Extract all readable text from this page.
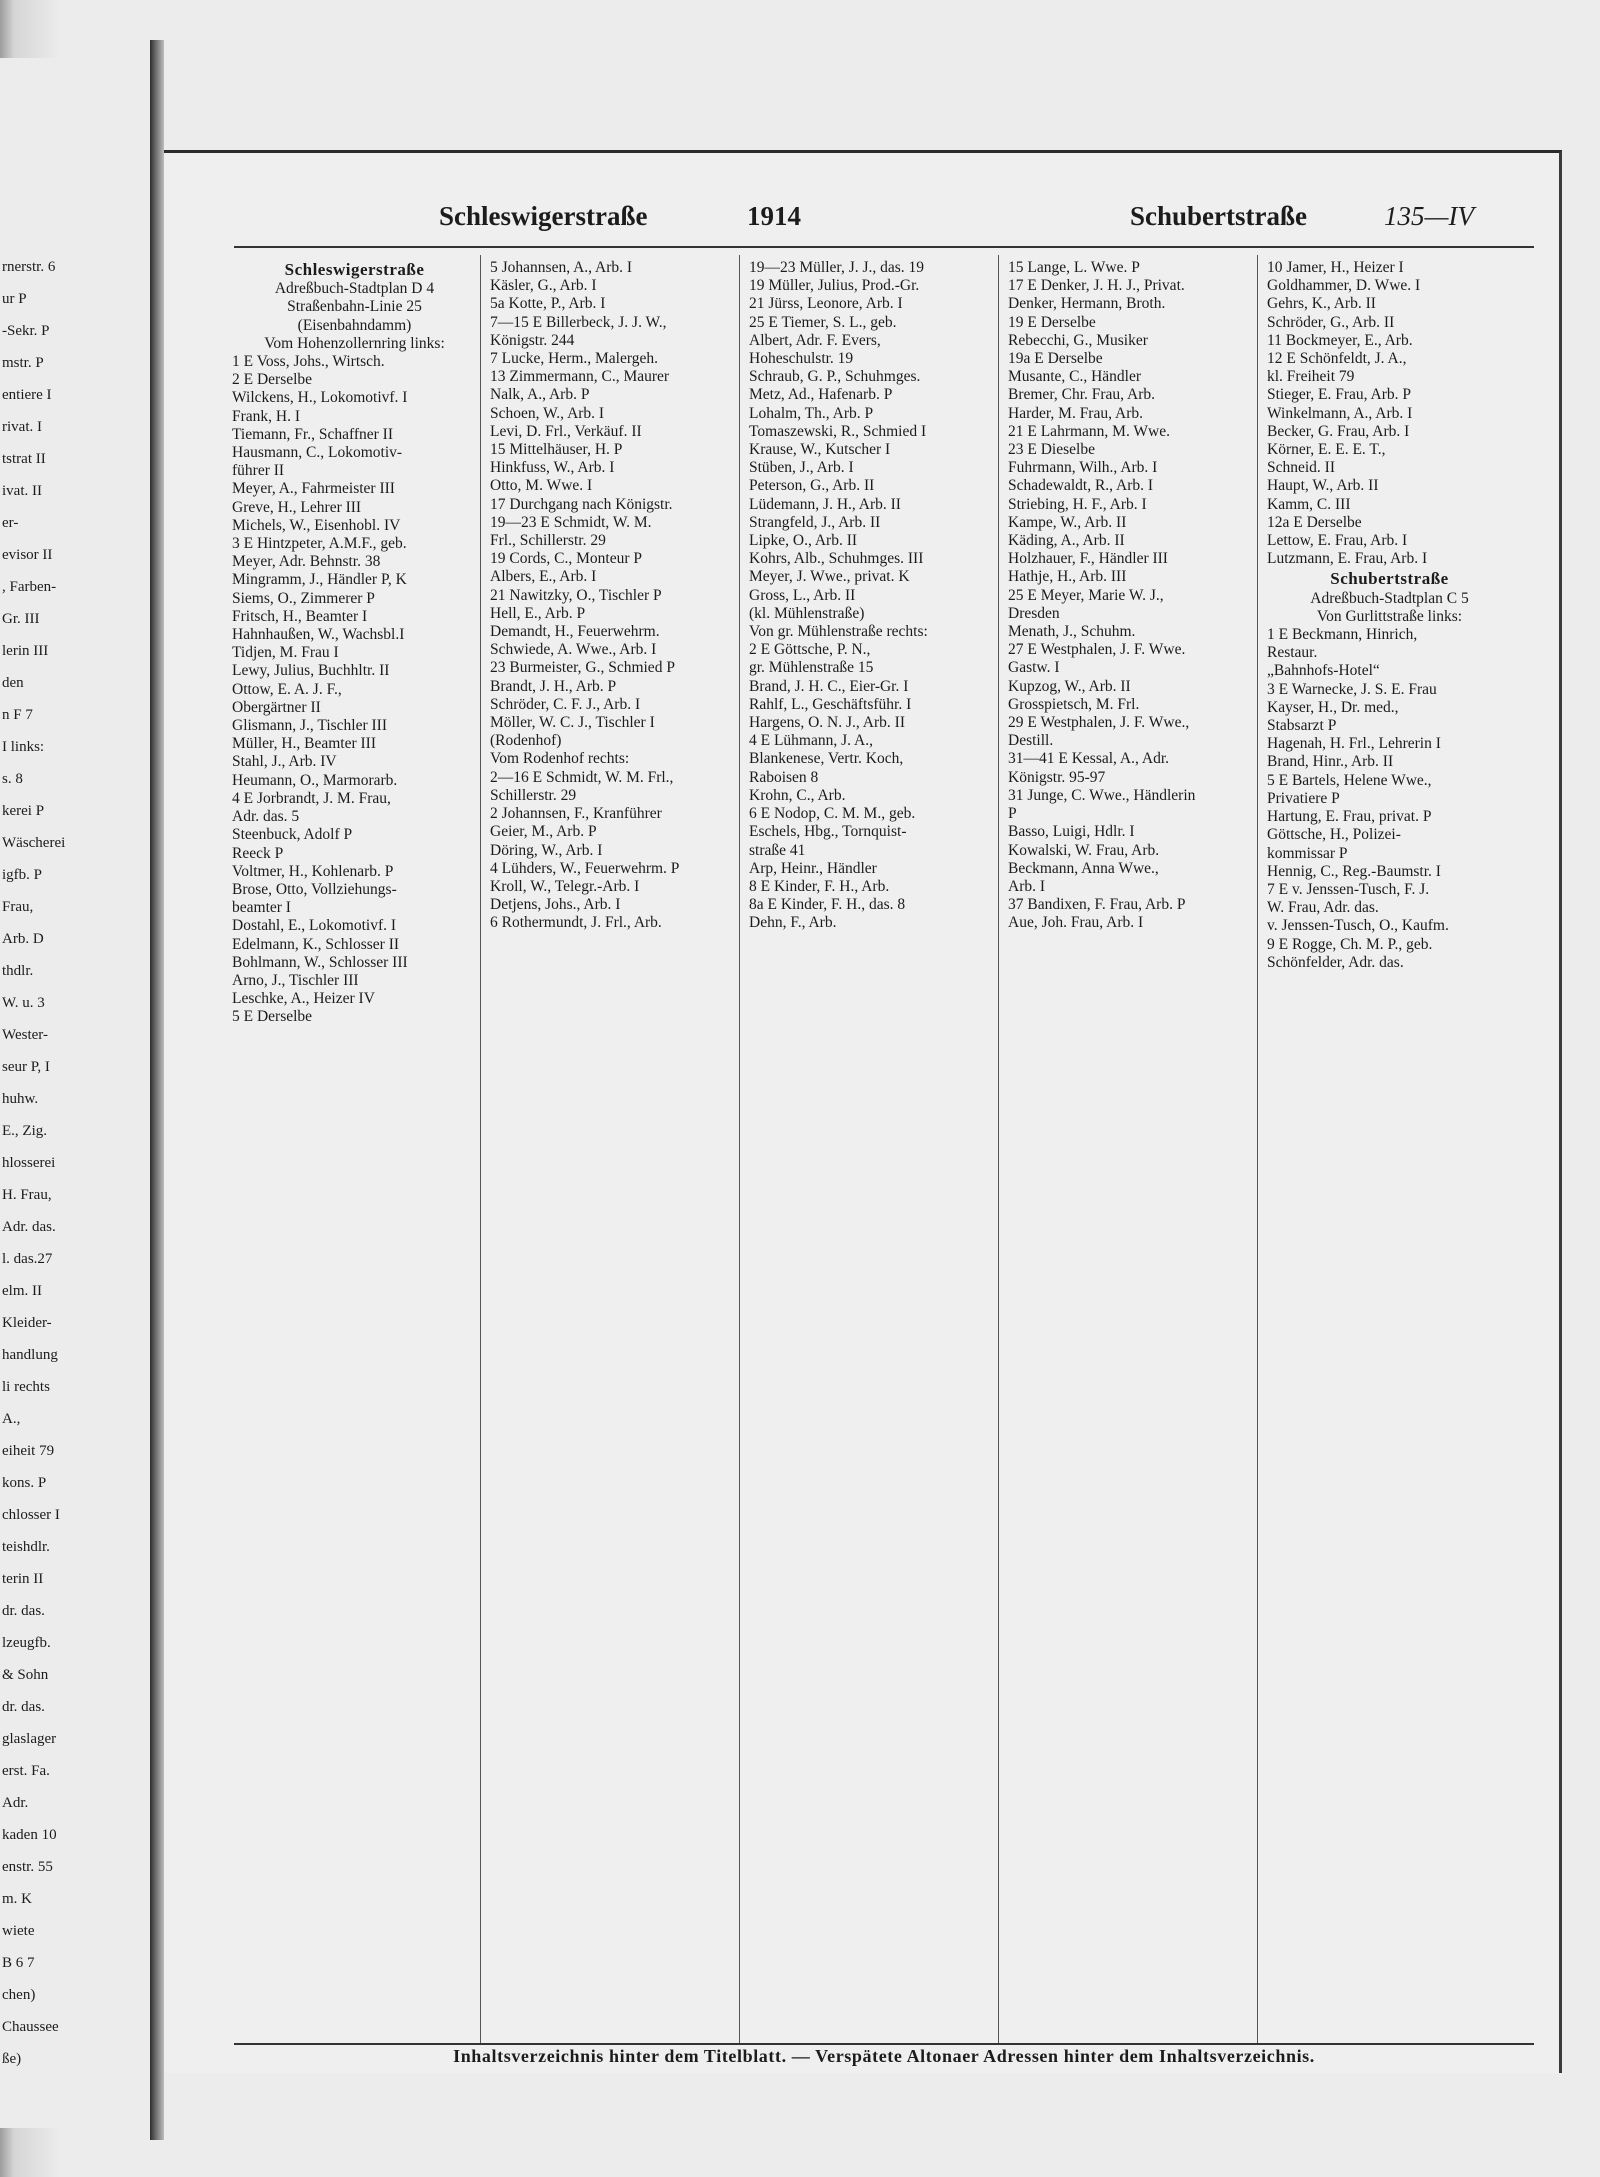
rnerstr. 6
ur P
-Sekr. P
mstr. P
entiere I
rivat. I
tstrat II
ivat. II
er-
evisor II
, Farben-
Gr. III
lerin III
den
n F 7
I links:
s. 8
kerei P
Wäscherei
igfb. P
Frau,
Arb. D
thdlr.
W. u. 3
Wester-
seur P, I
huhw.
E., Zig.
hlosserei
H. Frau,
Adr. das.
l. das.27
elm. II
Kleider-
handlung
li rechts
A.,
eiheit 79
kons. P
chlosser I
teishdlr.
terin II
dr. das.
lzeugfb.
& Sohn
dr. das.
glaslager
erst. Fa.
Adr.
kaden 10
enstr. 55
m. K
wiete
B 6 7
chen)
Chaussee
ße)
Schleswigerstraße	1914	Schubertstraße	135—IV
Schleswigerstraße
Adreßbuch-Stadtplan D 4
Straßenbahn-Linie 25
(Eisenbahndamm)
Vom Hohenzollernring links:
1 E Voss, Johs., Wirtsch.
2 E Derselbe
Wilckens, H., Lokomotivf. I
Frank, H. I
Tiemann, Fr., Schaffner II
Hausmann, C., Lokomotiv-
führer II
Meyer, A., Fahrmeister III
Greve, H., Lehrer III
Michels, W., Eisenhobl. IV
3 E Hintzpeter, A.M.F., geb.
Meyer, Adr. Behnstr. 38
Mingramm, J., Händler P, K
Siems, O., Zimmerer P
Fritsch, H., Beamter I
Hahnhaußen, W., Wachsbl.I
Tidjen, M. Frau I
Lewy, Julius, Buchhltr. II
Ottow, E. A. J. F.,
Obergärtner II
Glismann, J., Tischler III
Müller, H., Beamter III
Stahl, J., Arb. IV
Heumann, O., Marmorarb.
4 E Jorbrandt, J. M. Frau,
Adr. das. 5
Steenbuck, Adolf P
Reeck P
Voltmer, H., Kohlenarb. P
Brose, Otto, Vollziehungs-
beamter I
Dostahl, E., Lokomotivf. I
Edelmann, K., Schlosser II
Bohlmann, W., Schlosser III
Arno, J., Tischler III
Leschke, A., Heizer IV
5 E Derselbe
5 Johannsen, A., Arb. I
Käsler, G., Arb. I
5a Kotte, P., Arb. I
7—15 E Billerbeck, J. J. W.,
Königstr. 244
7 Lucke, Herm., Malergeh.
13 Zimmermann, C., Maurer
Nalk, A., Arb. P
Schoen, W., Arb. I
Levi, D. Frl., Verkäuf. II
15 Mittelhäuser, H. P
Hinkfuss, W., Arb. I
Otto, M. Wwe. I
17 Durchgang nach Königstr.
19—23 E Schmidt, W. M.
Frl., Schillerstr. 29
19 Cords, C., Monteur P
Albers, E., Arb. I
21 Nawitzky, O., Tischler P
Hell, E., Arb. P
Demandt, H., Feuerwehrm.
Schwiede, A. Wwe., Arb. I
23 Burmeister, G., Schmied P
Brandt, J. H., Arb. P
Schröder, C. F. J., Arb. I
Möller, W. C. J., Tischler I
(Rodenhof)
Vom Rodenhof rechts:
2—16 E Schmidt, W. M. Frl.,
Schillerstr. 29
2 Johannsen, F., Kranführer
Geier, M., Arb. P
Döring, W., Arb. I
4 Lühders, W., Feuerwehrm. P
Kroll, W., Telegr.-Arb. I
Detjens, Johs., Arb. I
6 Rothermundt, J. Frl., Arb.
19—23 Müller, J. J., das. 19
19 Müller, Julius, Prod.-Gr.
21 Jürss, Leonore, Arb. I
25 E Tiemer, S. L., geb.
Albert, Adr. F. Evers,
Hoheschulstr. 19
Schraub, G. P., Schuhmges.
Metz, Ad., Hafenarb. P
Lohalm, Th., Arb. P
Tomaszewski, R., Schmied I
Krause, W., Kutscher I
Stüben, J., Arb. I
Peterson, G., Arb. II
Lüdemann, J. H., Arb. II
Strangfeld, J., Arb. II
Lipke, O., Arb. II
Kohrs, Alb., Schuhmges. III
Meyer, J. Wwe., privat. K
Gross, L., Arb. II
(kl. Mühlenstraße)
Von gr. Mühlenstraße rechts:
2 E Göttsche, P. N.,
gr. Mühlenstraße 15
Brand, J. H. C., Eier-Gr. I
Rahlf, L., Geschäftsführ. I
Hargens, O. N. J., Arb. II
4 E Lühmann, J. A.,
Blankenese, Vertr. Koch,
Raboisen 8
Krohn, C., Arb.
6 E Nodop, C. M. M., geb.
Eschels, Hbg., Tornquist-
straße 41
Arp, Heinr., Händler
8 E Kinder, F. H., Arb.
8a E Kinder, F. H., das. 8
Dehn, F., Arb.
15 Lange, L. Wwe. P
17 E Denker, J. H. J., Privat.
Denker, Hermann, Broth.
19 E Derselbe
Rebecchi, G., Musiker
19a E Derselbe
Musante, C., Händler
Bremer, Chr. Frau, Arb.
Harder, M. Frau, Arb.
21 E Lahrmann, M. Wwe.
23 E Dieselbe
Fuhrmann, Wilh., Arb. I
Schadewaldt, R., Arb. I
Striebing, H. F., Arb. I
Kampe, W., Arb. II
Käding, A., Arb. II
Holzhauer, F., Händler III
Hathje, H., Arb. III
25 E Meyer, Marie W. J.,
Dresden
Menath, J., Schuhm.
27 E Westphalen, J. F. Wwe.
Gastw. I
Kupzog, W., Arb. II
Grosspietsch, M. Frl.
29 E Westphalen, J. F. Wwe.,
Destill.
31—41 E Kessal, A., Adr.
Königstr. 95-97
31 Junge, C. Wwe., Händlerin
P
Basso, Luigi, Hdlr. I
Kowalski, W. Frau, Arb.
Beckmann, Anna Wwe.,
Arb. I
37 Bandixen, F. Frau, Arb. P
Aue, Joh. Frau, Arb. I
10 Jamer, H., Heizer I
Goldhammer, D. Wwe. I
Gehrs, K., Arb. II
Schröder, G., Arb. II
11 Bockmeyer, E., Arb.
12 E Schönfeldt, J. A.,
kl. Freiheit 79
Stieger, E. Frau, Arb. P
Winkelmann, A., Arb. I
Becker, G. Frau, Arb. I
Körner, E. E. E. T.,
Schneid. II
Haupt, W., Arb. II
Kamm, C. III
12a E Derselbe
Lettow, E. Frau, Arb. I
Lutzmann, E. Frau, Arb. I
Schubertstraße
Adreßbuch-Stadtplan C 5
Von Gurlittstraße links:
1 E Beckmann, Hinrich,
Restaur.
„Bahnhofs-Hotel“
3 E Warnecke, J. S. E. Frau
Kayser, H., Dr. med.,
Stabsarzt P
Hagenah, H. Frl., Lehrerin I
Brand, Hinr., Arb. II
5 E Bartels, Helene Wwe.,
Privatiere P
Hartung, E. Frau, privat. P
Göttsche, H., Polizei-
kommissar P
Hennig, C., Reg.-Baumstr. I
7 E v. Jenssen-Tusch, F. J.
W. Frau, Adr. das.
v. Jenssen-Tusch, O., Kaufm.
9 E Rogge, Ch. M. P., geb.
Schönfelder, Adr. das.
Inhaltsverzeichnis hinter dem Titelblatt. — Verspätete Altonaer Adressen hinter dem Inhaltsverzeichnis.
